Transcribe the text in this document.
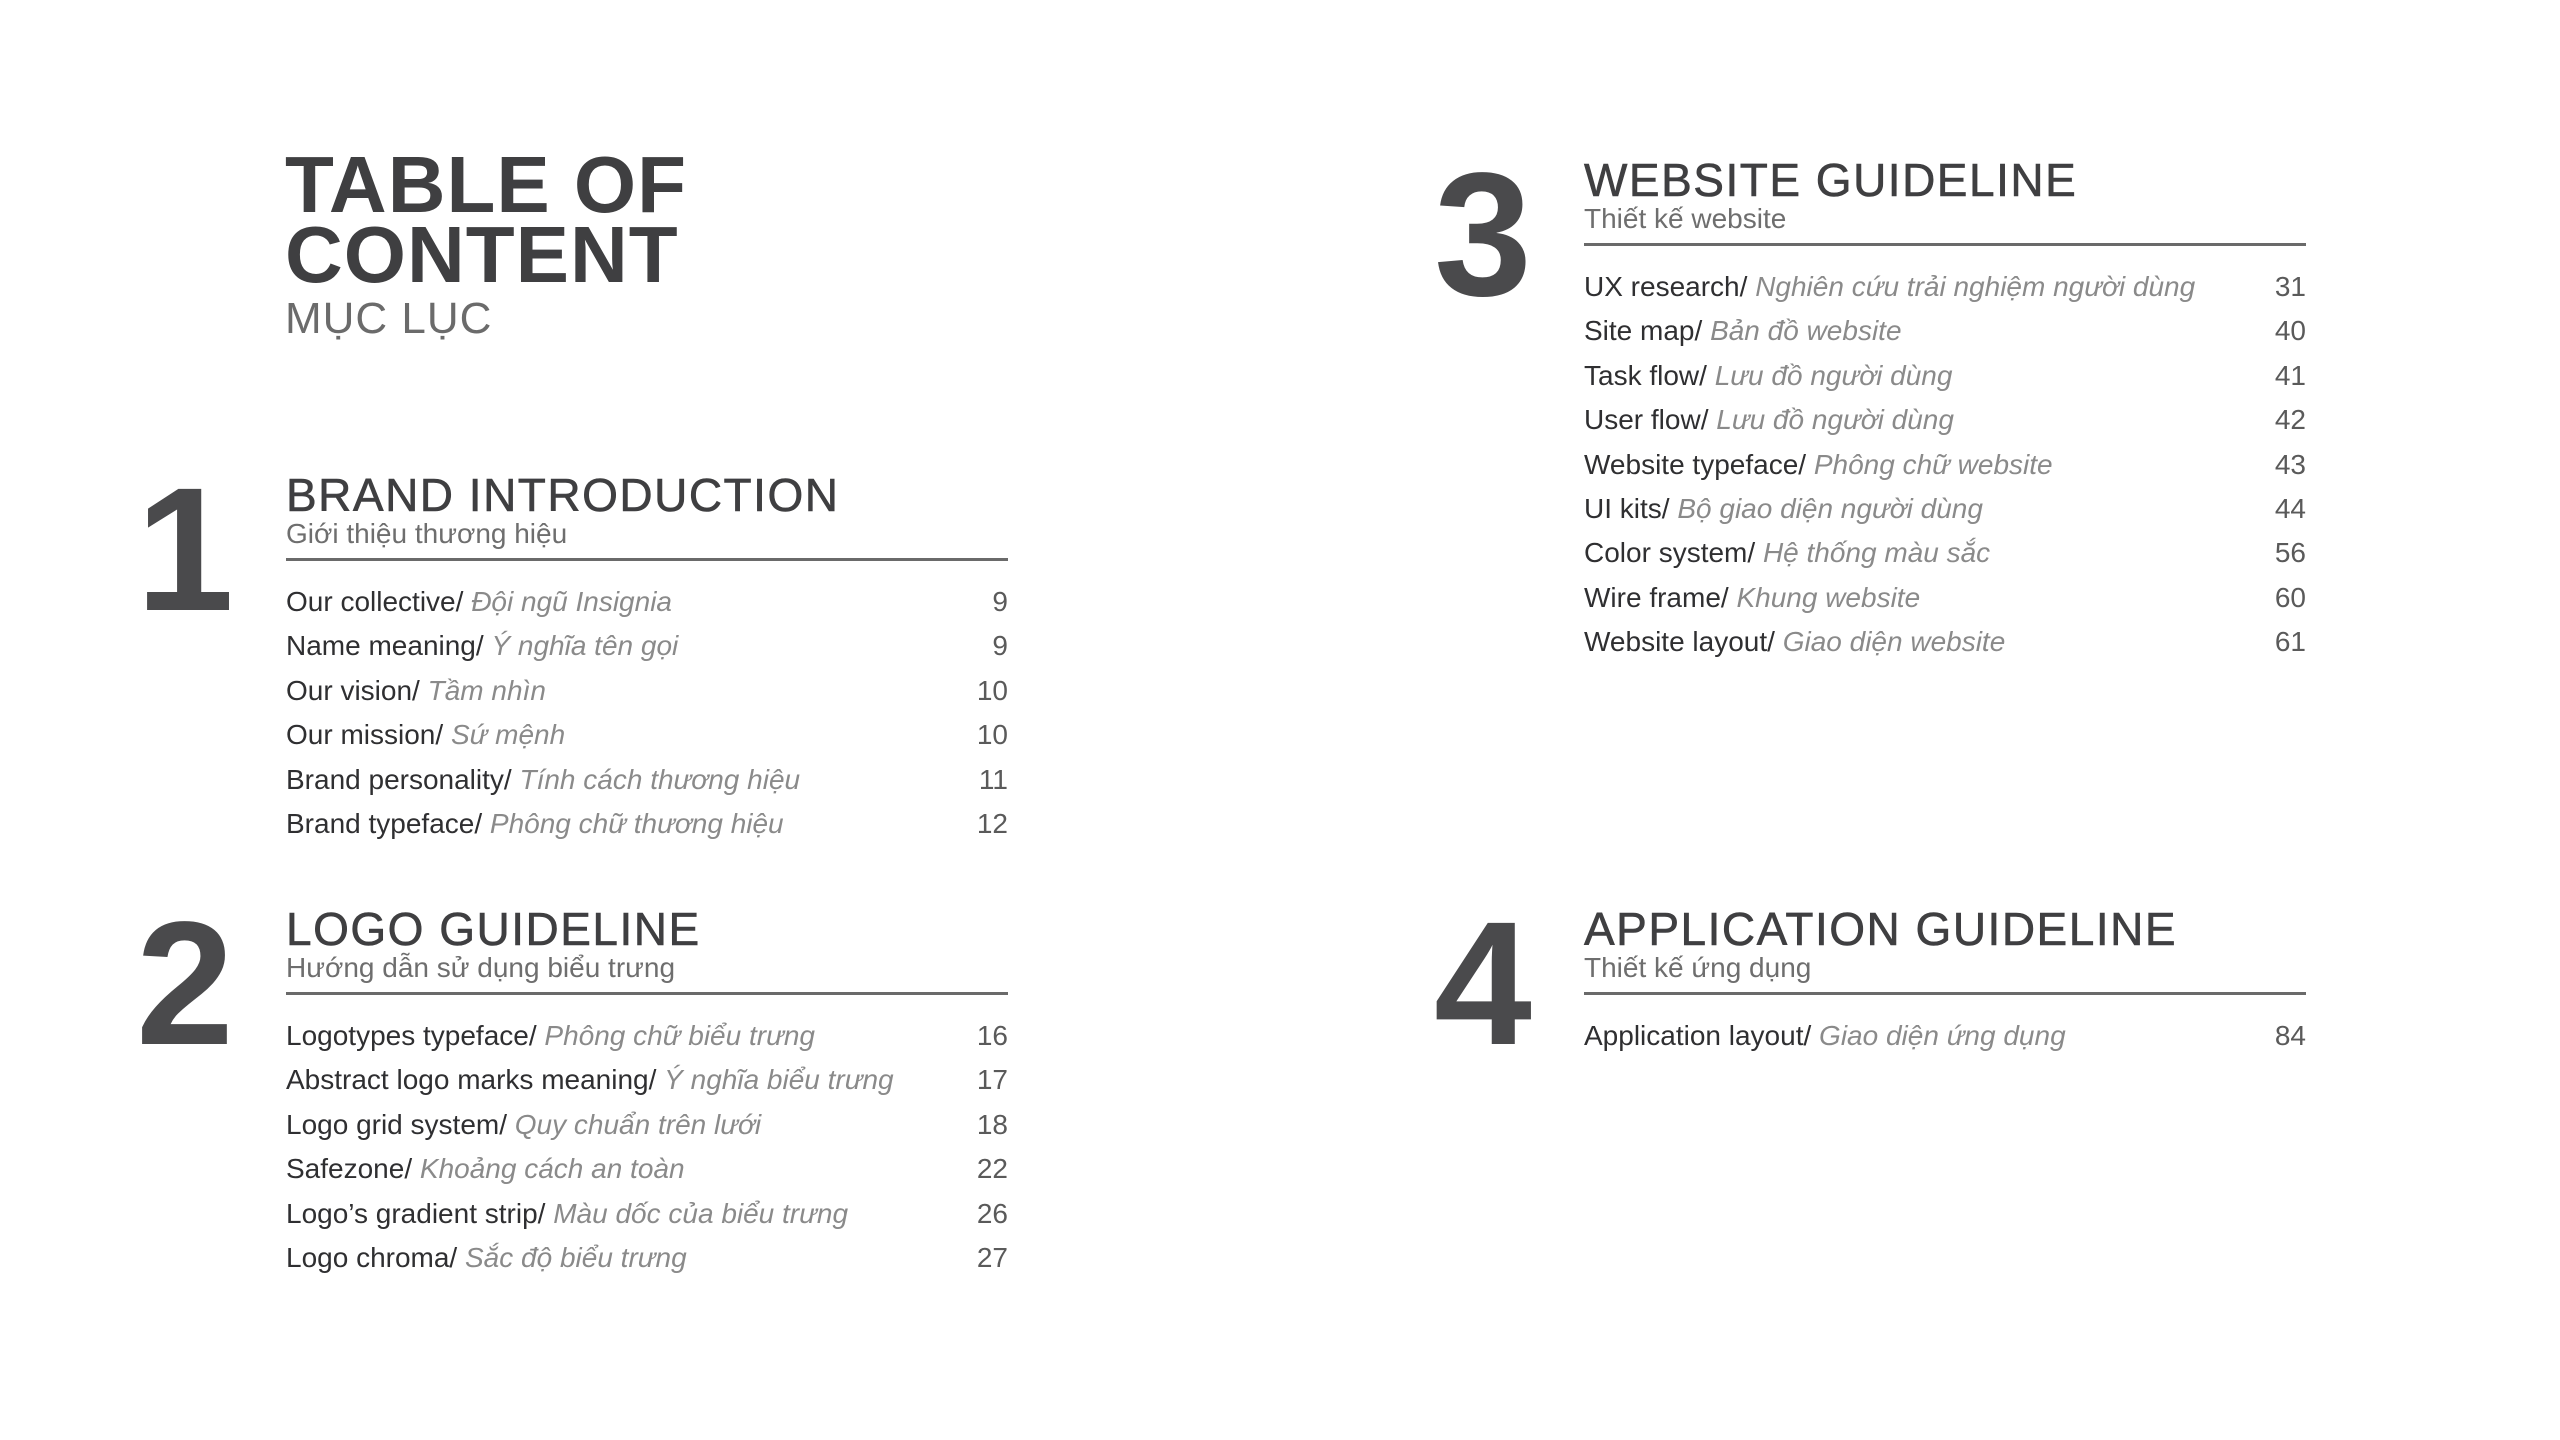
TABLE OF
CONTENT
MỤC LỤC
1 BRAND INTRODUCTION
Giới thiệu thương hiệu
Our collective/ Đội ngũ Insignia	9
Name meaning/ Ý nghĩa tên gọi	9
Our vision/ Tầm nhìn	10
Our mission/ Sứ mệnh	10
Brand personality/ Tính cách thương hiệu	11
Brand typeface/ Phông chữ thương hiệu	12
2 LOGO GUIDELINE
Hướng dẫn sử dụng biểu trưng
Logotypes typeface/ Phông chữ biểu trưng	16
Abstract logo marks meaning/ Ý nghĩa biểu trưng	17
Logo grid system/ Quy chuẩn trên lưới	18
Safezone/ Khoảng cách an toàn	22
Logo’s gradient strip/ Màu dốc của biểu trưng	26
Logo chroma/ Sắc độ biểu trưng	27
3 WEBSITE GUIDELINE
Thiết kế website
UX research/ Nghiên cứu trải nghiệm người dùng	31
Site map/ Bản đồ website	40
Task flow/ Lưu đồ người dùng	41
User flow/ Lưu đồ người dùng	42
Website typeface/ Phông chữ website	43
UI kits/ Bộ giao diện người dùng	44
Color system/ Hệ thống màu sắc	56
Wire frame/ Khung website	60
Website layout/ Giao diện website	61
4 APPLICATION GUIDELINE
Thiết kế ứng dụng
Application layout/ Giao diện ứng dụng	84
